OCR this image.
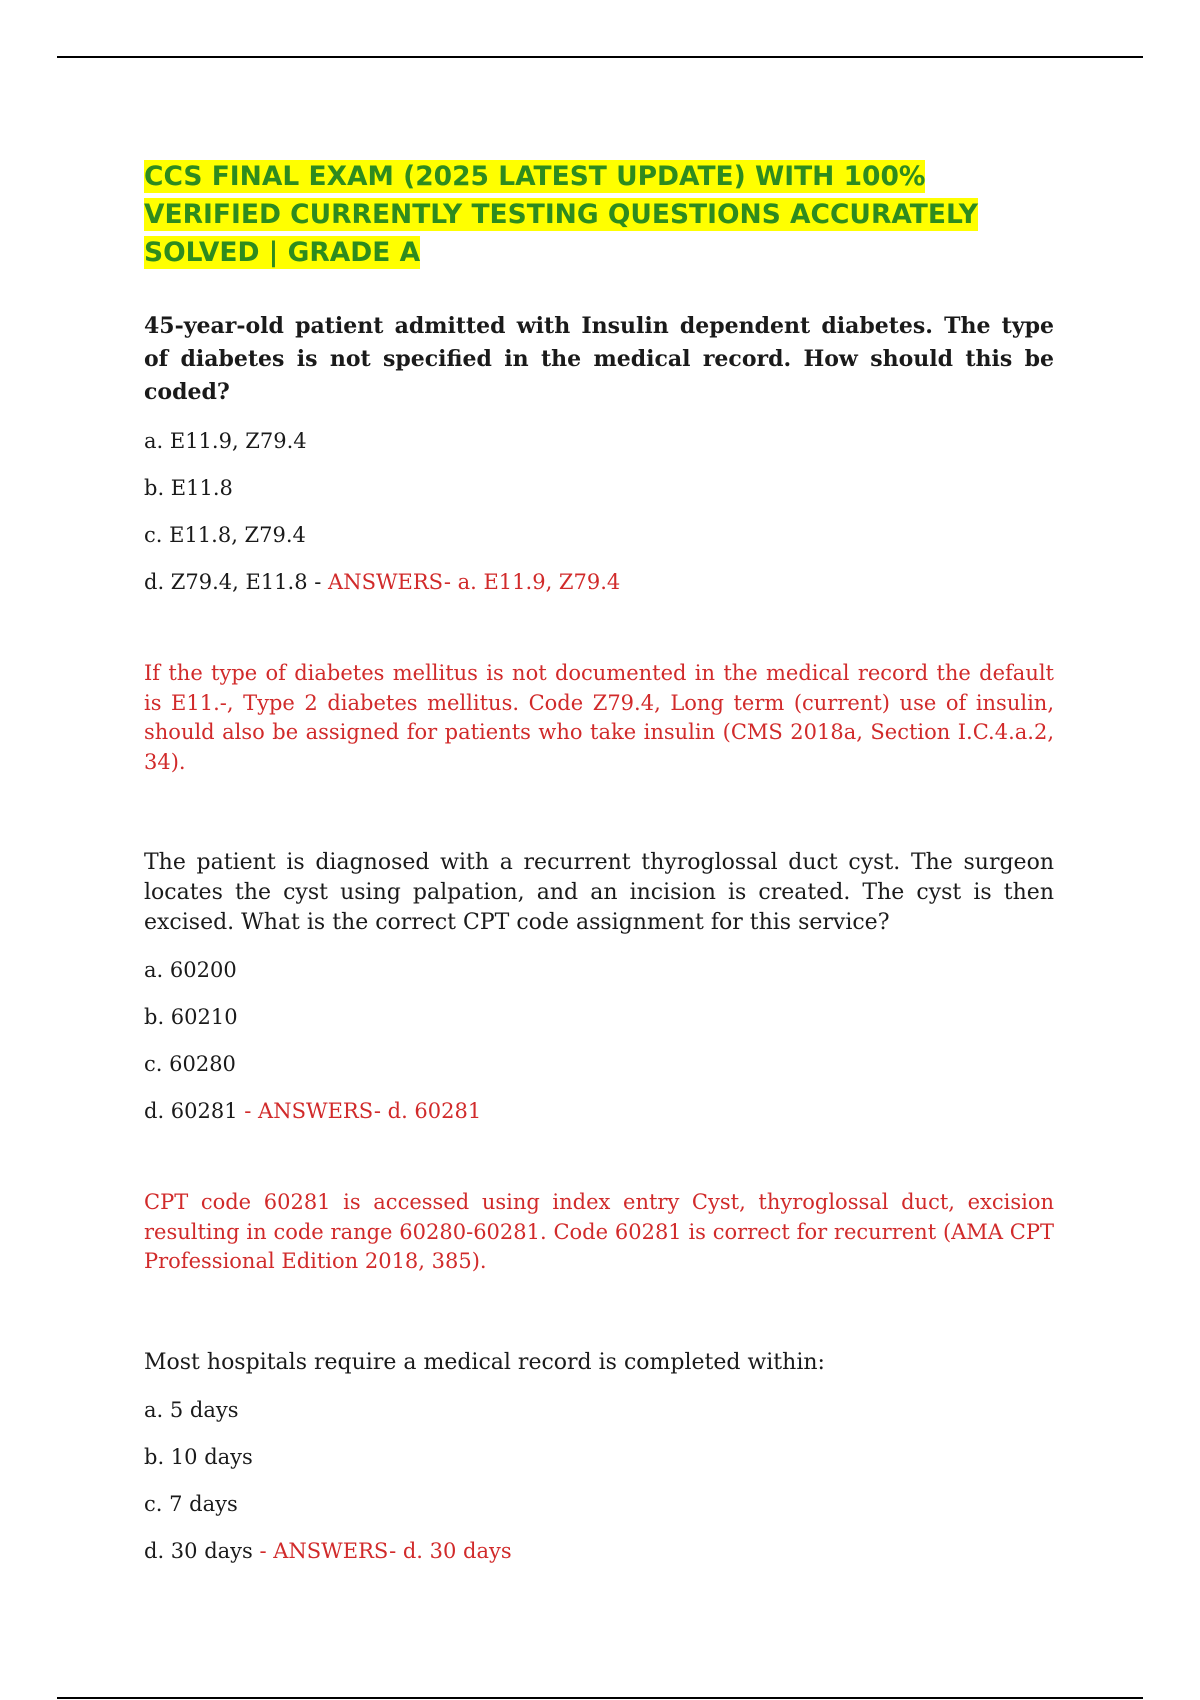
CCS FINAL EXAM (2025 LATEST UPDATE) WITH 100% VERIFIED CURRENTLY TESTING QUESTIONS ACCURATELY SOLVED | GRADE A

45-year-old patient admitted with Insulin dependent diabetes. The type of diabetes is not specified in the medical record. How should this be coded?

a. E11.9, Z79.4

b. E11.8

c. E11.8, Z79.4

d. Z79.4, E11.8 - ANSWERS- a. E11.9, Z79.4

If the type of diabetes mellitus is not documented in the medical record the default is E11.-, Type 2 diabetes mellitus. Code Z79.4, Long term (current) use of insulin, should also be assigned for patients who take insulin (CMS 2018a, Section I.C.4.a.2, 34).

The patient is diagnosed with a recurrent thyroglossal duct cyst. The surgeon locates the cyst using palpation, and an incision is created. The cyst is then excised. What is the correct CPT code assignment for this service?

a. 60200

b. 60210

c. 60280

d. 60281 - ANSWERS- d. 60281

CPT code 60281 is accessed using index entry Cyst, thyroglossal duct, excision resulting in code range 60280-60281. Code 60281 is correct for recurrent (AMA CPT Professional Edition 2018, 385).

Most hospitals require a medical record is completed within:

a. 5 days

b. 10 days

c. 7 days

d. 30 days - ANSWERS- d. 30 days
